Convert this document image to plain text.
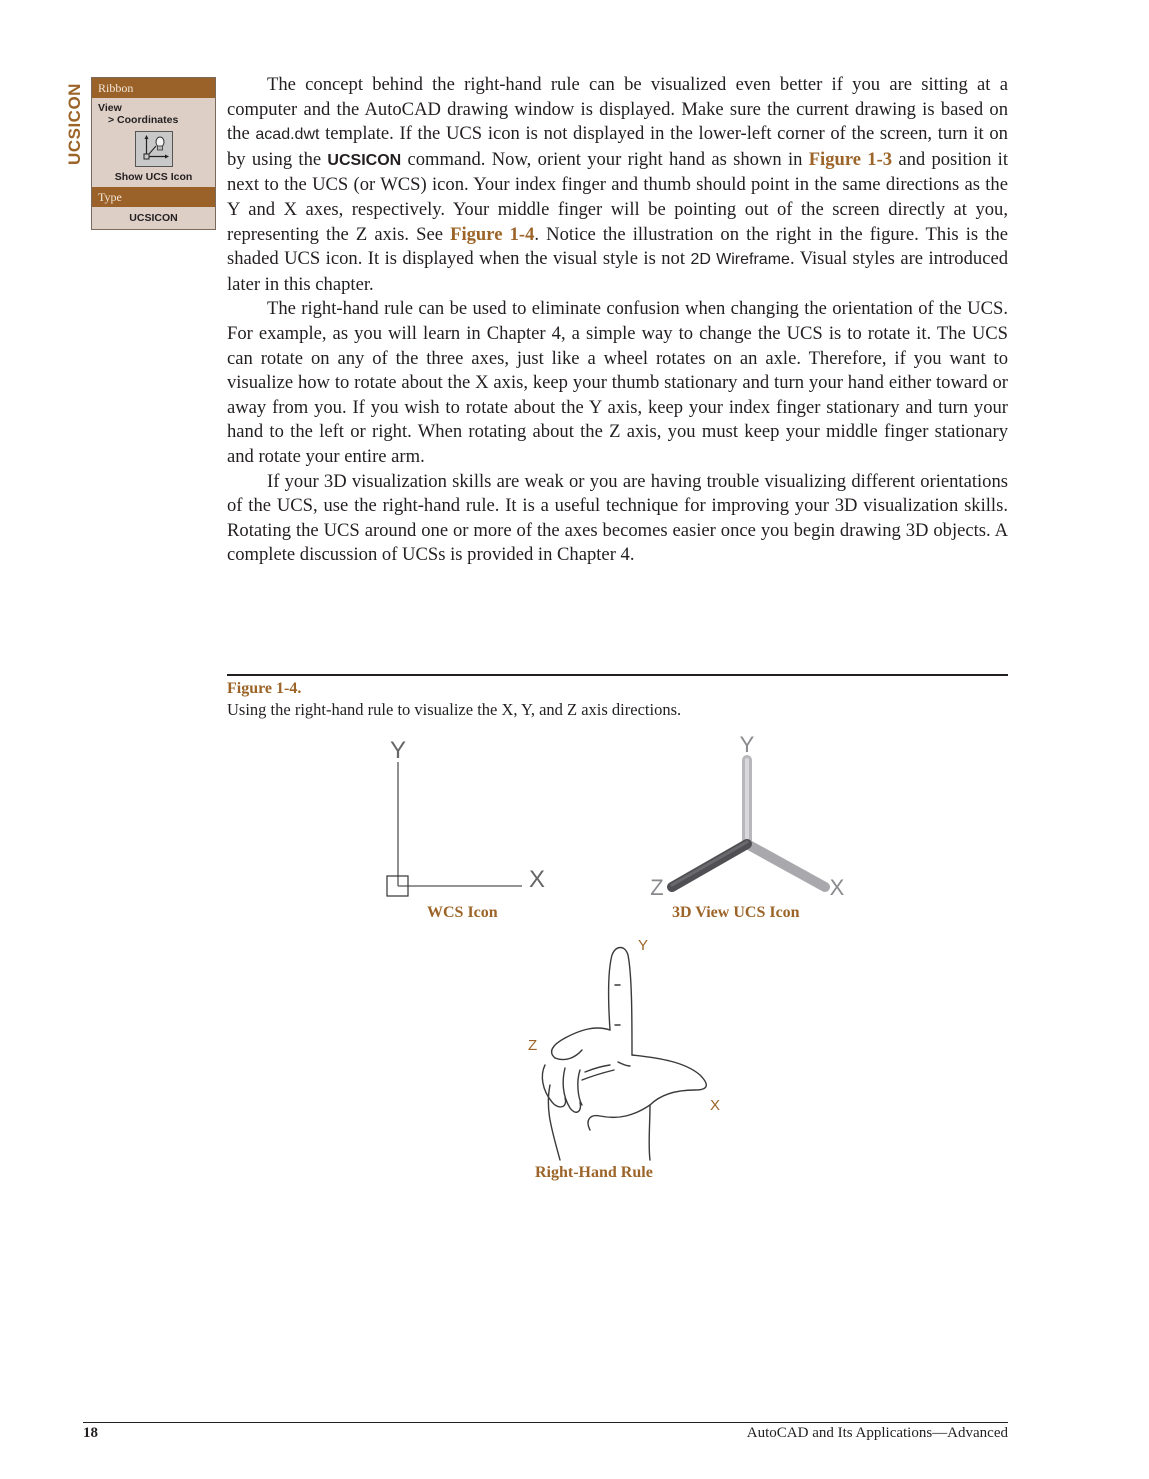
UCSICON	Ribbon
View
> Coordinates
Show UCS Icon
Type
UCSICON

The concept behind the right-hand rule can be visualized even better if you are sitting at a computer and the AutoCAD drawing window is displayed. Make sure the current drawing is based on the acad.dwt template. If the UCS icon is not displayed in the lower-left corner of the screen, turn it on by using the UCSICON command. Now, orient your right hand as shown in Figure 1-3 and position it next to the UCS (or WCS) icon. Your index finger and thumb should point in the same directions as the Y and X axes, respectively. Your middle finger will be pointing out of the screen directly at you, representing the Z axis. See Figure 1-4. Notice the illustration on the right in the figure. This is the shaded UCS icon. It is displayed when the visual style is not 2D Wireframe. Visual styles are introduced later in this chapter.

The right-hand rule can be used to eliminate confusion when changing the orientation of the UCS. For example, as you will learn in Chapter 4, a simple way to change the UCS is to rotate it. The UCS can rotate on any of the three axes, just like a wheel rotates on an axle. Therefore, if you want to visualize how to rotate about the X axis, keep your thumb stationary and turn your hand either toward or away from you. If you wish to rotate about the Y axis, keep your index finger stationary and turn your hand to the left or right. When rotating about the Z axis, you must keep your middle finger stationary and rotate your entire arm.

If your 3D visualization skills are weak or you are having trouble visualizing different orientations of the UCS, use the right-hand rule. It is a useful technique for improving your 3D visualization skills. Rotating the UCS around one or more of the axes becomes easier once you begin drawing 3D objects. A complete discussion of UCSs is provided in Chapter 4.

Figure 1-4.
Using the right-hand rule to visualize the X, Y, and Z axis directions.
Y
X
WCS Icon
Y
X
Z
3D View UCS Icon
Y
Z
X
Right-Hand Rule
18	AutoCAD and Its Applications—Advanced
